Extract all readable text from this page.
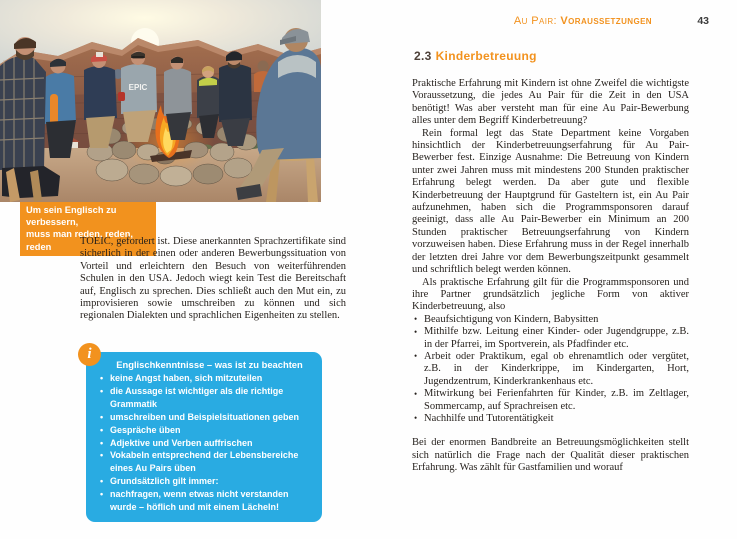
EPIC
Um sein Englisch zu verbessern,
muss man reden, reden, reden	TOEIC, gefordert ist. Diese anerkannten Sprachzertifikate sind sicherlich in der einen oder anderen Bewerbungssituation von Vorteil und erleichtern den Besuch von weiterführenden Schulen in den USA. Jedoch wiegt kein Test die Bereitschaft auf, Englisch zu sprechen. Dies schließt auch den Mut ein, zu improvisieren sowie umschreiben zu können und sich regionalen Dialekten und sprachlichen Eigenheiten zu stellen.

Englischkenntnisse – was ist zu beachten
• keine Angst haben, sich mitzuteilen
• die Aussage ist wichtiger als die richtige Grammatik
• umschreiben und Beispielsituationen geben
• Gespräche üben
• Adjektive und Verben auffrischen
• Vokabeln entsprechend der Lebensbereiche eines Au Pairs üben
• Grundsätzlich gilt immer:
• nachfragen, wenn etwas nicht verstanden wurde – höflich und mit einem Lächeln!
i
Au Pair: Voraussetzungen	43
2.3 Kinderbetreuung

Praktische Erfahrung mit Kindern ist ohne Zweifel die wichtigste Voraussetzung, die jedes Au Pair für die Zeit in den USA benötigt! Was aber versteht man für eine Au Pair-Bewerbung alles unter dem Begriff Kinderbetreuung?

Rein formal legt das State Department keine Vorgaben hinsichtlich der Kinderbetreuungserfahrung für Au Pair-Bewerber fest. Einzige Ausnahme: Die Betreuung von Kindern unter zwei Jahren muss mit mindestens 200 Stunden praktischer Erfahrung belegt werden. Da aber gute und flexible Kinderbetreuung der Hauptgrund für Gasteltern ist, ein Au Pair aufzunehmen, haben sich die Programmsponsoren darauf geeinigt, dass alle Au Pair-Bewerber ein Minimum an 200 Stunden praktischer Betreuungserfahrung von Kindern vorzuweisen haben. Diese Erfahrung muss in der Regel innerhalb der letzten drei Jahre vor dem Bewerbungszeitpunkt gesammelt und schriftlich belegt werden können.

Als praktische Erfahrung gilt für die Programmsponsoren und ihre Partner grundsätzlich jegliche Form von aktiver Kinderbetreuung, also

• Beaufsichtigung von Kindern, Babysitten
• Mithilfe bzw. Leitung einer Kinder- oder Jugendgruppe, z.B. in der Pfarrei, im Sportverein, als Pfadfinder etc.
• Arbeit oder Praktikum, egal ob ehrenamtlich oder vergütet, z.B. in der Kinderkrippe, im Kindergarten, Hort, Jugendzentrum, Kinderkrankenhaus etc.
• Mitwirkung bei Ferienfahrten für Kinder, z.B. im Zeltlager, Sommercamp, auf Sprachreisen etc.
• Nachhilfe und Tutorentätigkeit

Bei der enormen Bandbreite an Betreuungsmöglichkeiten stellt sich natürlich die Frage nach der Qualität dieser praktischen Erfahrung. Was zählt für Gastfamilien und worauf
